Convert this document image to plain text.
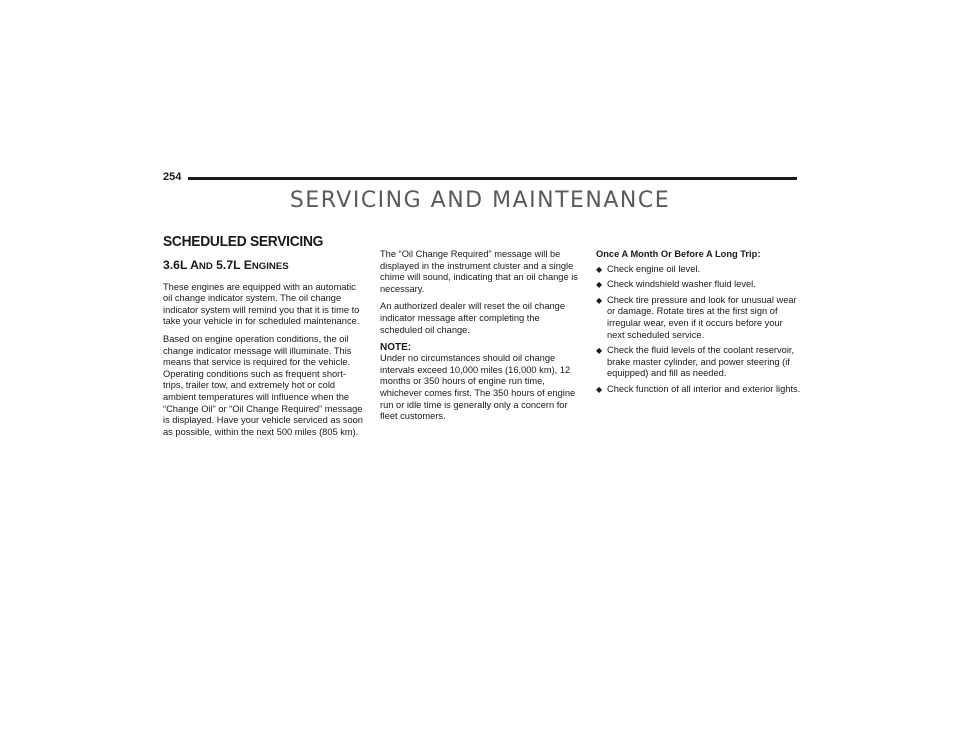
254
SERVICING AND MAINTENANCE
SCHEDULED SERVICING
3.6L AND 5.7L ENGINES

These engines are equipped with an automatic oil change indicator system. The oil change indicator system will remind you that it is time to take your vehicle in for scheduled maintenance.

Based on engine operation conditions, the oil change indicator message will illuminate. This means that service is required for the vehicle. Operating conditions such as frequent short-trips, trailer tow, and extremely hot or cold ambient temperatures will influence when the “Change Oil” or “Oil Change Required” message is displayed. Have your vehicle serviced as soon as possible, within the next 500 miles (805 km).

The “Oil Change Required” message will be displayed in the instrument cluster and a single chime will sound, indicating that an oil change is necessary.

An authorized dealer will reset the oil change indicator message after completing the scheduled oil change.

NOTE:

Under no circumstances should oil change intervals exceed 10,000 miles (16,000 km), 12 months or 350 hours of engine run time, whichever comes first. The 350 hours of engine run or idle time is generally only a concern for fleet customers.

Once A Month Or Before A Long Trip:
◆ Check engine oil level.
◆ Check windshield washer fluid level.
◆ Check tire pressure and look for unusual wear or damage. Rotate tires at the first sign of irregular wear, even if it occurs before your next scheduled service.
◆ Check the fluid levels of the coolant reservoir, brake master cylinder, and power steering (if equipped) and fill as needed.
◆ Check function of all interior and exterior lights.
